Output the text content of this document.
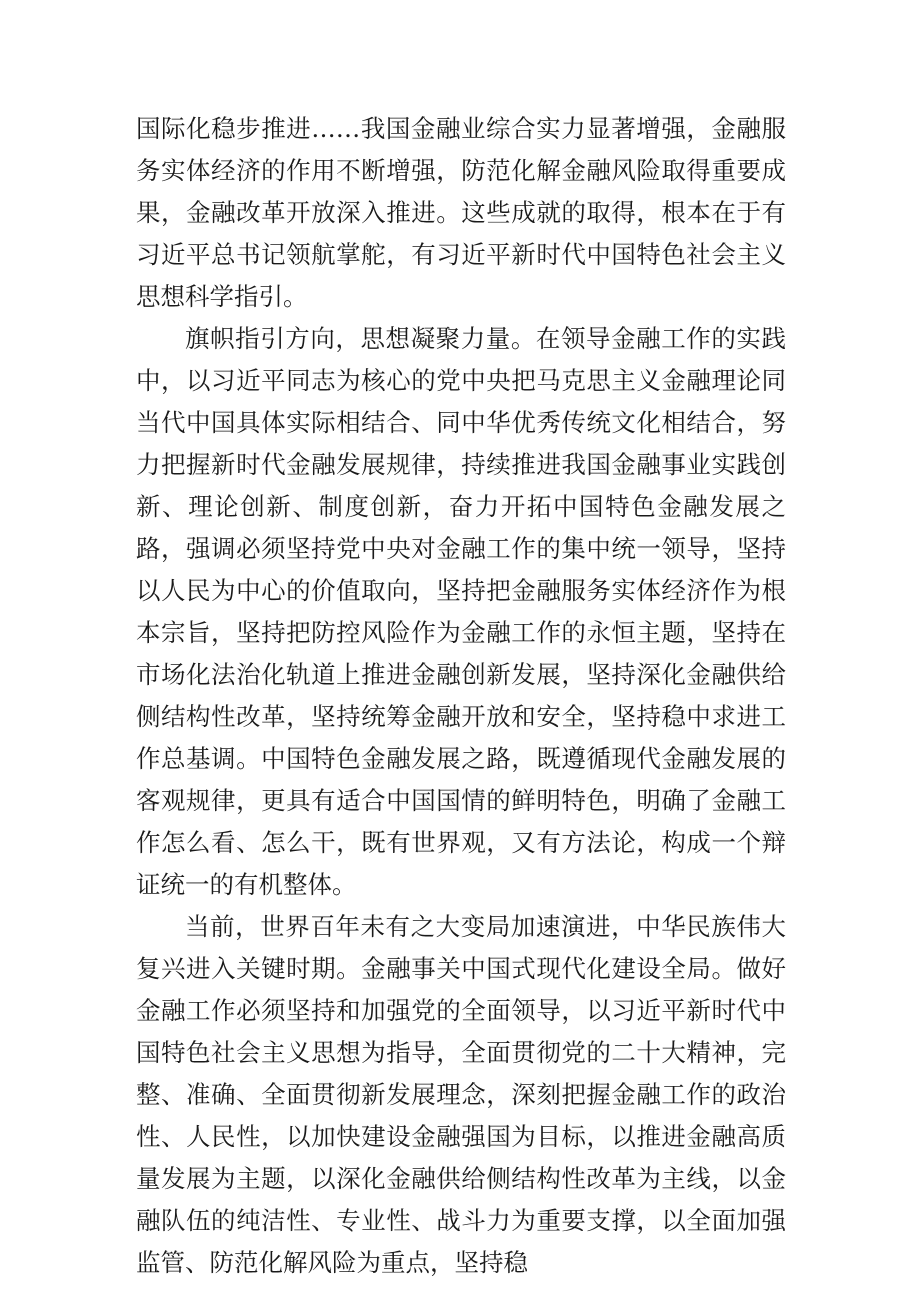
国际化稳步推进……我国金融业综合实力显著增强，金融服务实体经济的作用不断增强，防范化解金融风险取得重要成果，金融改革开放深入推进。这些成就的取得，根本在于有习近平总书记领航掌舵，有习近平新时代中国特色社会主义思想科学指引。

旗帜指引方向，思想凝聚力量。在领导金融工作的实践中，以习近平同志为核心的党中央把马克思主义金融理论同当代中国具体实际相结合、同中华优秀传统文化相结合，努力把握新时代金融发展规律，持续推进我国金融事业实践创新、理论创新、制度创新，奋力开拓中国特色金融发展之路，强调必须坚持党中央对金融工作的集中统一领导，坚持以人民为中心的价值取向，坚持把金融服务实体经济作为根本宗旨，坚持把防控风险作为金融工作的永恒主题，坚持在市场化法治化轨道上推进金融创新发展，坚持深化金融供给侧结构性改革，坚持统筹金融开放和安全，坚持稳中求进工作总基调。中国特色金融发展之路，既遵循现代金融发展的客观规律，更具有适合中国国情的鲜明特色，明确了金融工作怎么看、怎么干，既有世界观，又有方法论，构成一个辩证统一的有机整体。

当前，世界百年未有之大变局加速演进，中华民族伟大复兴进入关键时期。金融事关中国式现代化建设全局。做好金融工作必须坚持和加强党的全面领导，以习近平新时代中国特色社会主义思想为指导，全面贯彻党的二十大精神，完整、准确、全面贯彻新发展理念，深刻把握金融工作的政治性、人民性，以加快建设金融强国为目标，以推进金融高质量发展为主题，以深化金融供给侧结构性改革为主线，以金融队伍的纯洁性、专业性、战斗力为重要支撑，以全面加强监管、防范化解风险为重点，坚持稳
